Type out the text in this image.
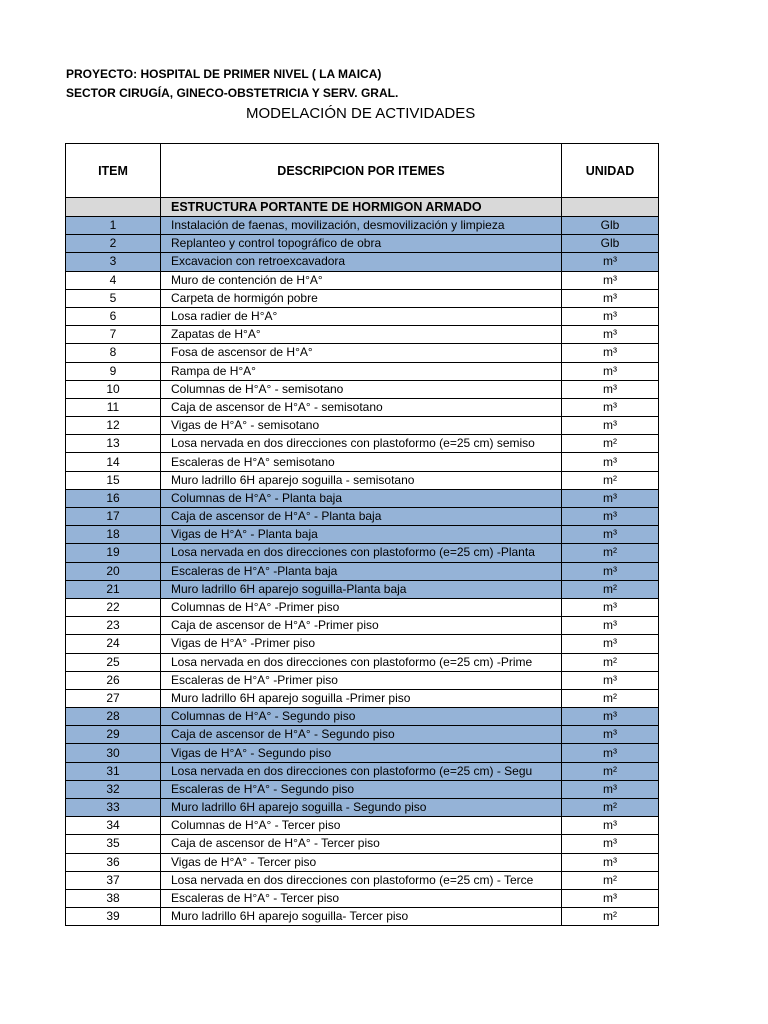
PROYECTO: HOSPITAL DE PRIMER NIVEL ( LA MAICA)
SECTOR CIRUGÍA, GINECO-OBSTETRICIA Y SERV. GRAL.
MODELACIÓN DE ACTIVIDADES
ITEM	DESCRIPCION POR ITEMES	UNIDAD
	ESTRUCTURA PORTANTE DE HORMIGON ARMADO	
1	Instalación de faenas, movilización, desmovilización y limpieza	Glb
2	Replanteo y control topográfico de obra	Glb
3	Excavacion con retroexcavadora	m³
4	Muro de contención de H°A°	m³
5	Carpeta de hormigón pobre	m³
6	Losa radier de H°A°	m³
7	Zapatas de H°A°	m³
8	Fosa de ascensor de H°A°	m³
9	Rampa de H°A°	m³
10	Columnas de H°A° - semisotano	m³
11	Caja de ascensor de H°A° - semisotano	m³
12	Vigas de H°A° - semisotano	m³
13	Losa nervada en dos direcciones con plastoformo (e=25 cm) semiso	m²
14	Escaleras de H°A° semisotano	m³
15	Muro ladrillo 6H aparejo soguilla - semisotano	m²
16	Columnas de H°A° - Planta baja	m³
17	Caja de ascensor de H°A° - Planta baja	m³
18	Vigas de H°A° - Planta baja	m³
19	Losa nervada en dos direcciones con plastoformo (e=25 cm) -Planta	m²
20	Escaleras de H°A° -Planta baja	m³
21	Muro ladrillo 6H aparejo soguilla-Planta baja	m²
22	Columnas de H°A° -Primer piso	m³
23	Caja de ascensor de H°A° -Primer piso	m³
24	Vigas de H°A° -Primer piso	m³
25	Losa nervada en dos direcciones con plastoformo (e=25 cm) -Prime	m²
26	Escaleras de H°A° -Primer piso	m³
27	Muro ladrillo 6H aparejo soguilla -Primer piso	m²
28	Columnas de H°A° - Segundo piso	m³
29	Caja de ascensor de H°A° - Segundo piso	m³
30	Vigas de H°A° - Segundo piso	m³
31	Losa nervada en dos direcciones con plastoformo (e=25 cm) - Segu	m²
32	Escaleras de H°A° - Segundo piso	m³
33	Muro ladrillo 6H aparejo soguilla - Segundo piso	m²
34	Columnas de H°A° - Tercer piso	m³
35	Caja de ascensor de H°A° - Tercer piso	m³
36	Vigas de H°A° - Tercer piso	m³
37	Losa nervada en dos direcciones con plastoformo (e=25 cm) - Terce	m²
38	Escaleras de H°A° - Tercer piso	m³
39	Muro ladrillo 6H aparejo soguilla- Tercer piso	m²
